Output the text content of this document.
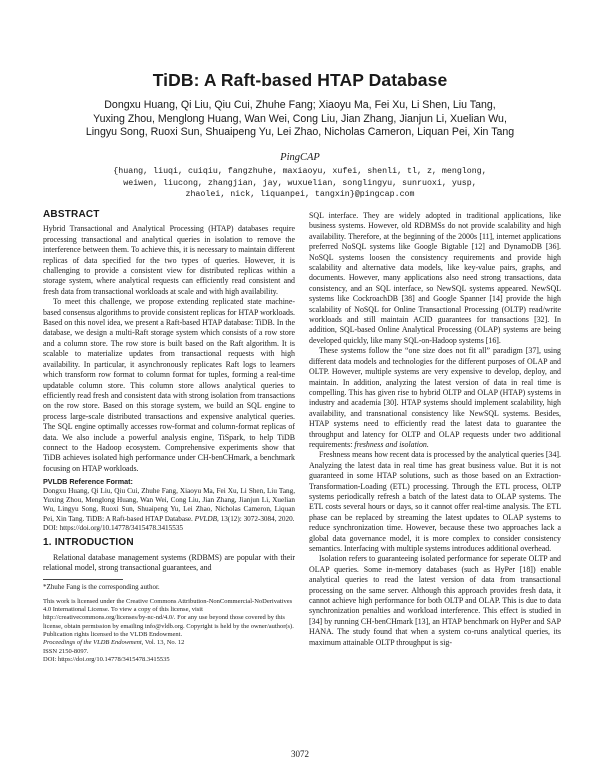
TiDB: A Raft-based HTAP Database
Dongxu Huang, Qi Liu, Qiu Cui, Zhuhe Fang; Xiaoyu Ma, Fei Xu, Li Shen, Liu Tang,
Yuxing Zhou, Menglong Huang, Wan Wei, Cong Liu, Jian Zhang, Jianjun Li, Xuelian Wu,
Lingyu Song, Ruoxi Sun, Shuaipeng Yu, Lei Zhao, Nicholas Cameron, Liquan Pei, Xin Tang
PingCAP
{huang, liuqi, cuiqiu, fangzhuhe, maxiaoyu, xufei, shenli, tl, z, menglong,
weiwen, liucong, zhangjian, jay, wuxuelian, songlingyu, sunruoxi, yusp,
zhaolei, nick, liquanpei, tangxin}@pingcap.com
ABSTRACT

Hybrid Transactional and Analytical Processing (HTAP) databases require processing transactional and analytical queries in isolation to remove the interference between them. To achieve this, it is necessary to maintain different replicas of data specified for the two types of queries. However, it is challenging to provide a consistent view for distributed replicas within a storage system, where analytical requests can efficiently read consistent and fresh data from transactional workloads at scale and with high availability.

To meet this challenge, we propose extending replicated state machine-based consensus algorithms to provide consistent replicas for HTAP workloads. Based on this novel idea, we present a Raft-based HTAP database: TiDB. In the database, we design a multi-Raft storage system which consists of a row store and a column store. The row store is built based on the Raft algorithm. It is scalable to materialize updates from transactional requests with high availability. In particular, it asynchronously replicates Raft logs to learners which transform row format to column format for tuples, forming a real-time updatable column store. This column store allows analytical queries to efficiently read fresh and consistent data with strong isolation from transactions on the row store. Based on this storage system, we build an SQL engine to process large-scale distributed transactions and expensive analytical queries. The SQL engine optimally accesses row-format and column-format replicas of data. We also include a powerful analysis engine, TiSpark, to help TiDB connect to the Hadoop ecosystem. Comprehensive experiments show that TiDB achieves isolated high performance under CH-benCHmark, a benchmark focusing on HTAP workloads.

PVLDB Reference Format:

Dongxu Huang, Qi Liu, Qiu Cui, Zhuhe Fang, Xiaoyu Ma, Fei Xu, Li Shen, Liu Tang, Yuxing Zhou, Menglong Huang, Wan Wei, Cong Liu, Jian Zhang, Jianjun Li, Xuelian Wu, Lingyu Song, Ruoxi Sun, Shuaipeng Yu, Lei Zhao, Nicholas Cameron, Liquan Pei, Xin Tang. TiDB: A Raft-based HTAP Database. PVLDB, 13(12): 3072-3084, 2020.

DOI: https://doi.org/10.14778/3415478.3415535
1. INTRODUCTION

Relational database management systems (RDBMS) are popular with their relational model, strong transactional guarantees, and

*Zhuhe Fang is the corresponding author.
This work is licensed under the Creative Commons Attribution-NonCommercial-NoDerivatives 4.0 International License. To view a copy of this license, visit http://creativecommons.org/licenses/by-nc-nd/4.0/. For any use beyond those covered by this license, obtain permission by emailing info@vldb.org. Copyright is held by the owner/author(s). Publication rights licensed to the VLDB Endowment.
Proceedings of the VLDB Endowment, Vol. 13, No. 12
ISSN 2150-8097.
DOI: https://doi.org/10.14778/3415478.3415535

SQL interface. They are widely adopted in traditional applications, like business systems. However, old RDBMSs do not provide scalability and high availability. Therefore, at the beginning of the 2000s [11], internet applications preferred NoSQL systems like Google Bigtable [12] and DynamoDB [36]. NoSQL systems loosen the consistency requirements and provide high scalability and alternative data models, like key-value pairs, graphs, and documents. However, many applications also need strong transactions, data consistency, and an SQL interface, so NewSQL systems appeared. NewSQL systems like CockroachDB [38] and Google Spanner [14] provide the high scalability of NoSQL for Online Transactional Processing (OLTP) read/write workloads and still maintain ACID guarantees for transactions [32]. In addition, SQL-based Online Analytical Processing (OLAP) systems are being developed quickly, like many SQL-on-Hadoop systems [16].

These systems follow the “one size does not fit all” paradigm [37], using different data models and technologies for the different purposes of OLAP and OLTP. However, multiple systems are very expensive to develop, deploy, and maintain. In addition, analyzing the latest version of data in real time is compelling. This has given rise to hybrid OLTP and OLAP (HTAP) systems in industry and academia [30]. HTAP systems should implement scalability, high availability, and transnational consistency like NewSQL systems. Besides, HTAP systems need to efficiently read the latest data to guarantee the throughput and latency for OLTP and OLAP requests under two additional requirements: freshness and isolation.

Freshness means how recent data is processed by the analytical queries [34]. Analyzing the latest data in real time has great business value. But it is not guaranteed in some HTAP solutions, such as those based on an Extraction-Transformation-Loading (ETL) processing. Through the ETL process, OLTP systems periodically refresh a batch of the latest data to OLAP systems. The ETL costs several hours or days, so it cannot offer real-time analysis. The ETL phase can be replaced by streaming the latest updates to OLAP systems to reduce synchronization time. However, because these two approaches lack a global data governance model, it is more complex to consider consistency semantics. Interfacing with multiple systems introduces additional overhead.

Isolation refers to guaranteeing isolated performance for seperate OLTP and OLAP queries. Some in-memory databases (such as HyPer [18]) enable analytical queries to read the latest version of data from transactional processing on the same server. Although this approach provides fresh data, it cannot achieve high performance for both OLTP and OLAP. This is due to data synchronization penalties and workload interference. This effect is studied in [34] by running CH-benCHmark [13], an HTAP benchmark on HyPer and SAP HANA. The study found that when a system co-runs analytical queries, its maximum attainable OLTP throughput is sig-

3072
